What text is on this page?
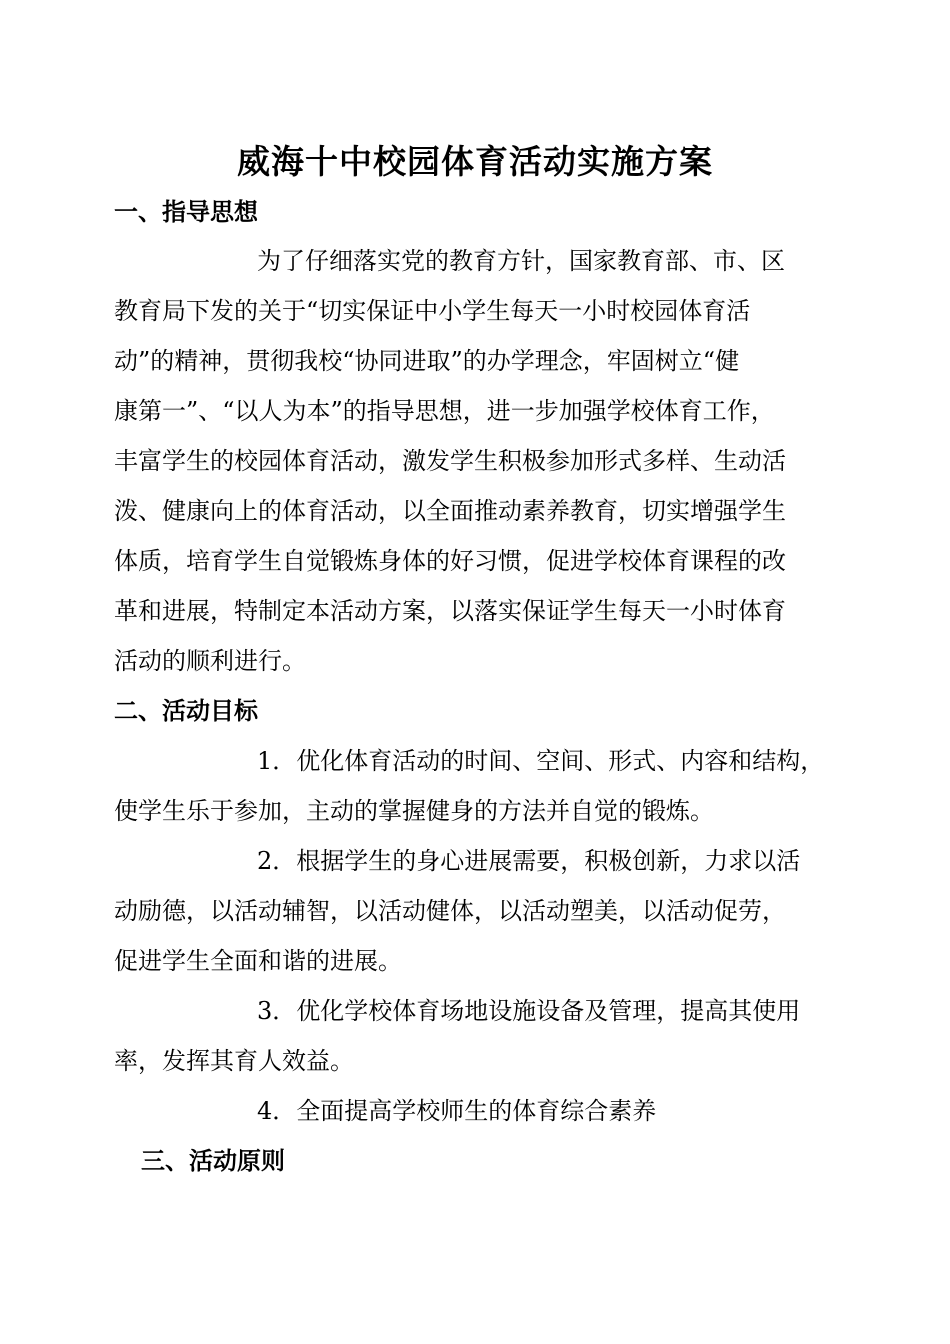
威海十中校园体育活动实施方案
一、指导思想
为了仔细落实党的教育方针，国家教育部、市、区
教育局下发的关于“切实保证中小学生每天一小时校园体育活
动”的精神，贯彻我校“协同进取”的办学理念，牢固树立“健
康第一”、“以人为本”的指导思想，进一步加强学校体育工作，
丰富学生的校园体育活动，激发学生积极参加形式多样、生动活
泼、健康向上的体育活动，以全面推动素养教育，切实增强学生
体质，培育学生自觉锻炼身体的好习惯，促进学校体育课程的改
革和进展，特制定本活动方案，以落实保证学生每天一小时体育
活动的顺利进行。
二、活动目标
1．优化体育活动的时间、空间、形式、内容和结构，
使学生乐于参加，主动的掌握健身的方法并自觉的锻炼。
2．根据学生的身心进展需要，积极创新，力求以活
动励德，以活动辅智，以活动健体，以活动塑美，以活动促劳，
促进学生全面和谐的进展。
3．优化学校体育场地设施设备及管理，提高其使用
率，发挥其育人效益。
4．全面提高学校师生的体育综合素养
三、活动原则
